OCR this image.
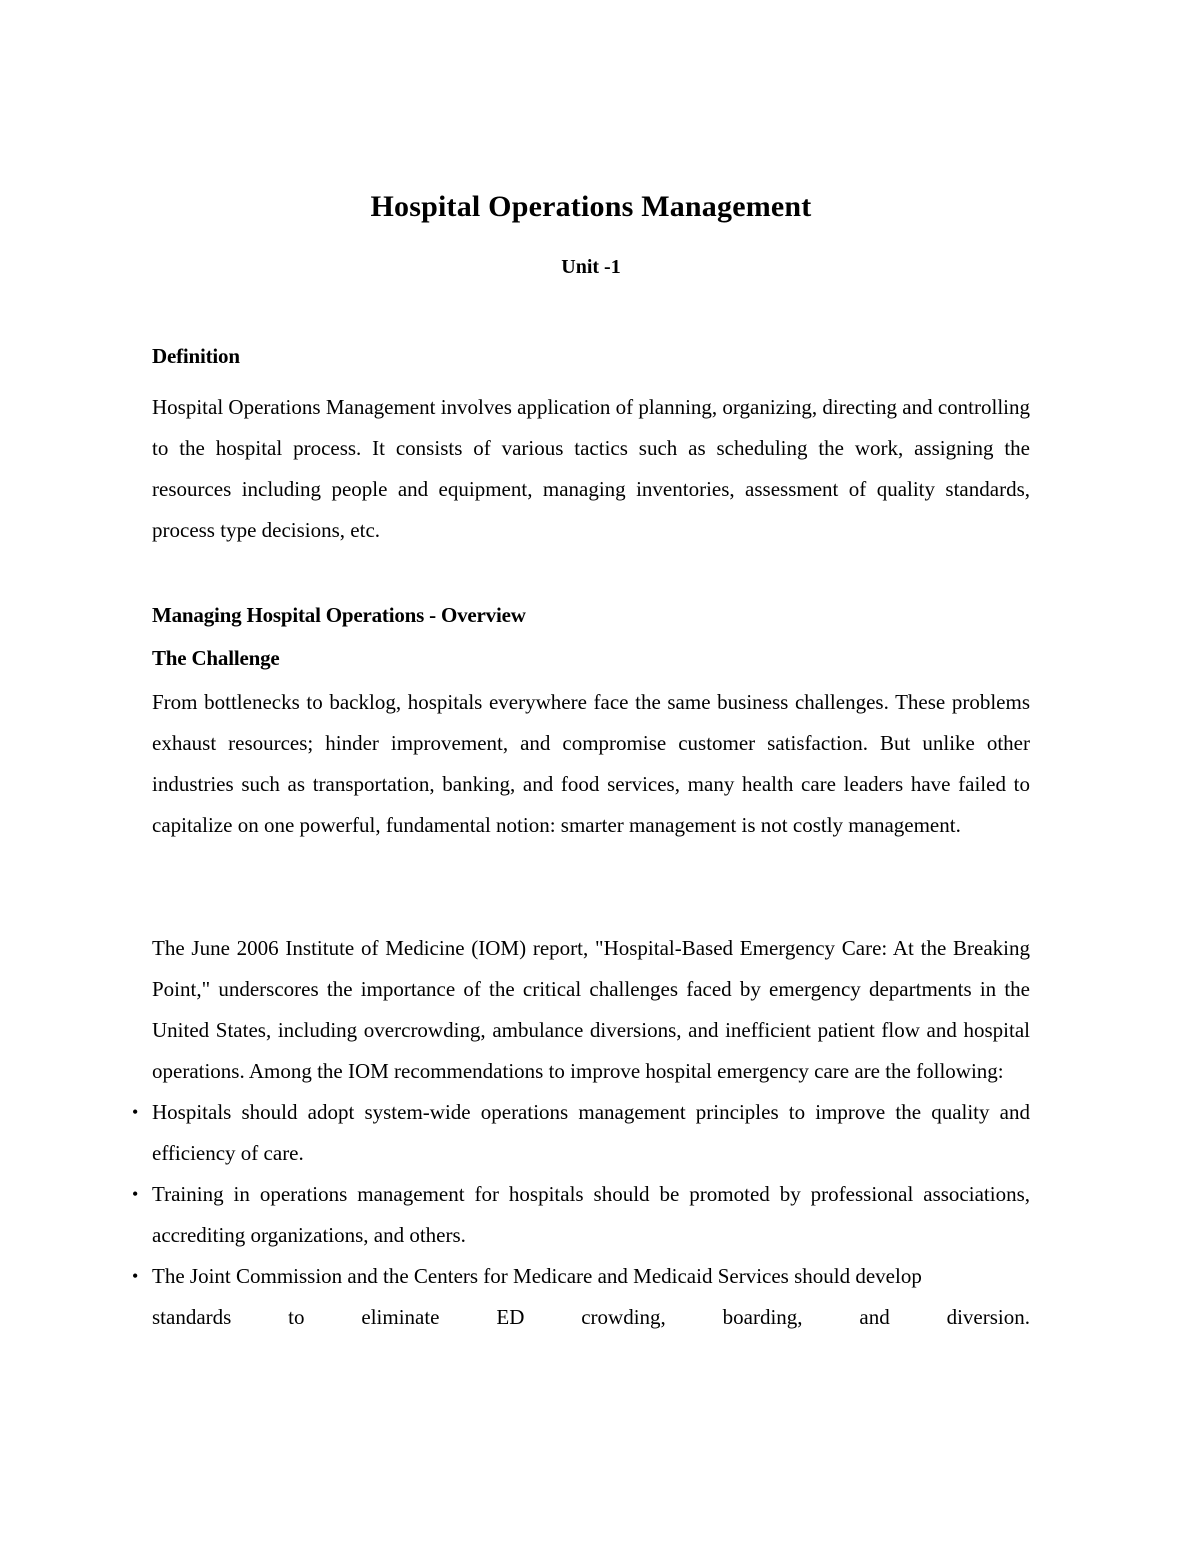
Hospital Operations Management
Unit -1
Definition

Hospital Operations Management involves application of planning, organizing, directing and controlling to the hospital process. It consists of various tactics such as scheduling the work, assigning the resources including people and equipment, managing inventories, assessment of quality standards, process type decisions, etc.

Managing Hospital Operations - Overview
The Challenge

From bottlenecks to backlog, hospitals everywhere face the same business challenges. These problems exhaust resources; hinder improvement, and compromise customer satisfaction. But unlike other industries such as transportation, banking, and food services, many health care leaders have failed to capitalize on one powerful, fundamental notion: smarter management is not costly management.

The June 2006 Institute of Medicine (IOM) report, "Hospital-Based Emergency Care: At the Breaking Point," underscores the importance of the critical challenges faced by emergency departments in the United States, including overcrowding, ambulance diversions, and inefficient patient flow and hospital operations. Among the IOM recommendations to improve hospital emergency care are the following:

• Hospitals should adopt system-wide operations management principles to improve the quality and efficiency of care.
• Training in operations management for hospitals should be promoted by professional associations, accrediting organizations, and others.
• The Joint Commission and the Centers for Medicare and Medicaid Services should develop
standards to eliminate ED crowding, boarding, and diversion.
